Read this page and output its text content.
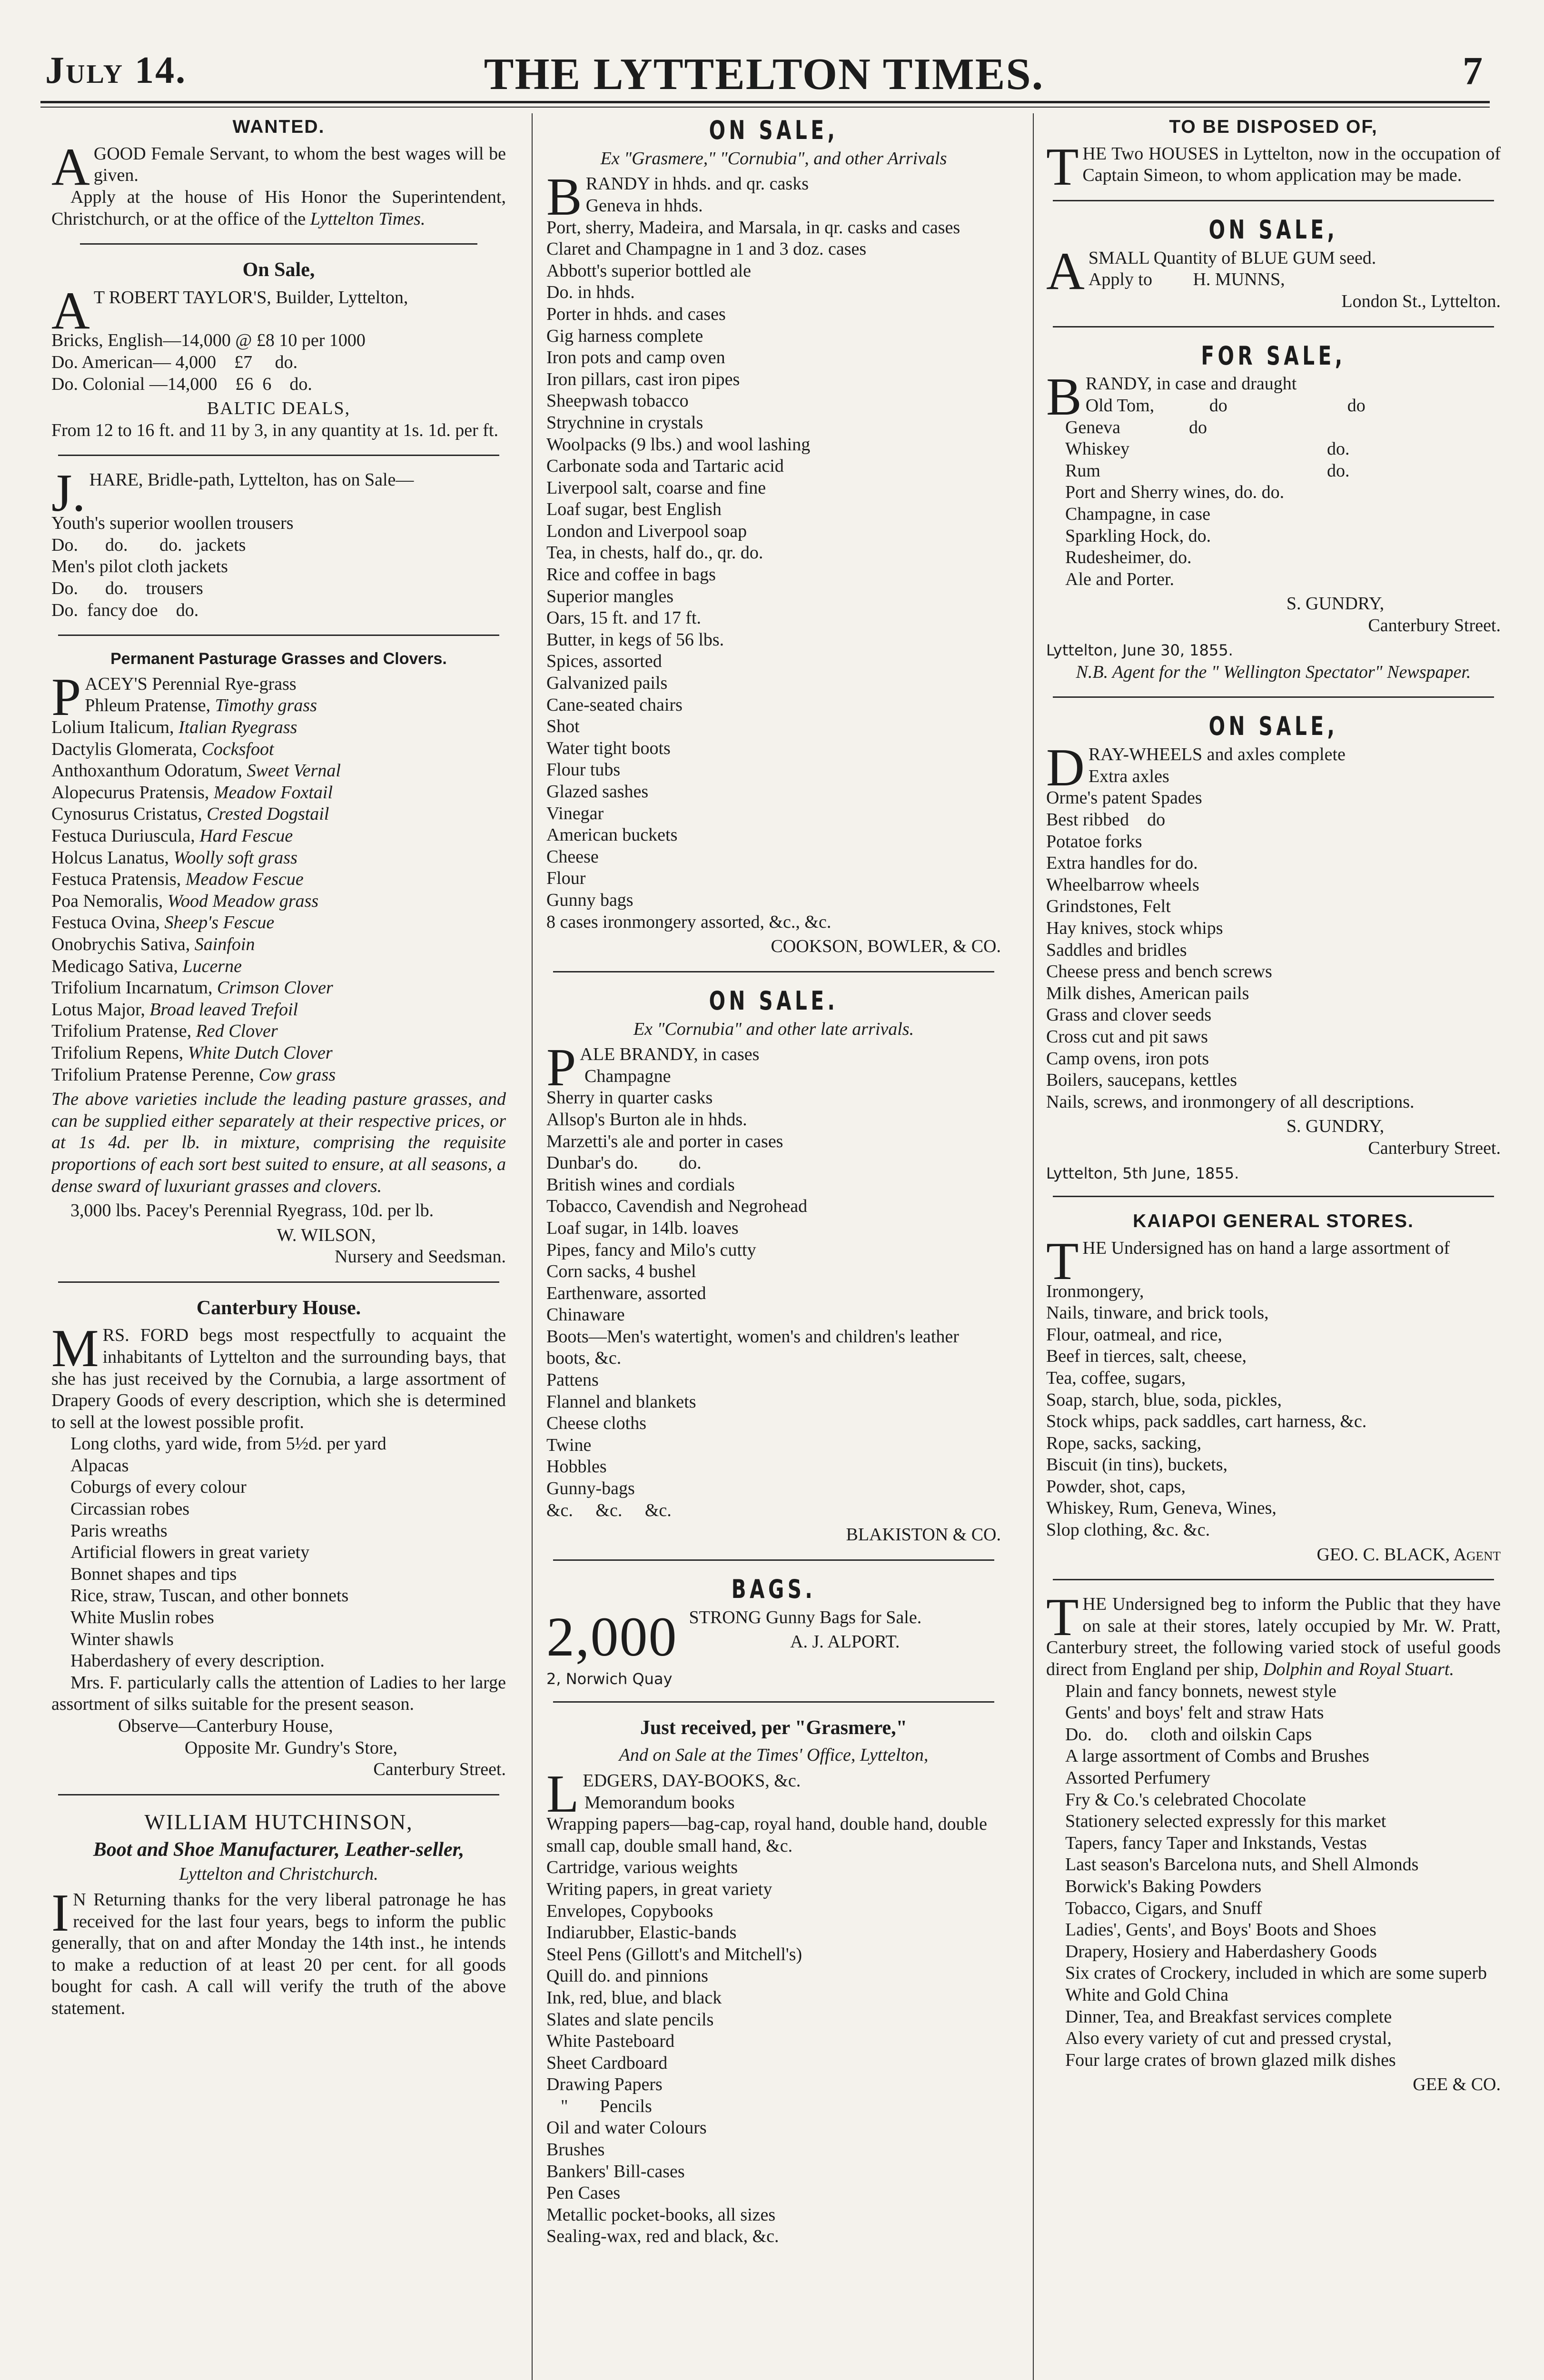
July 14.	THE LYTTELTON TIMES.	7
WANTED.

AGOOD Female Servant, to whom the best wages will be given.

Apply at the house of His Honor the Superintendent, Christchurch, or at the office of the Lyttelton Times.

On Sale,

A T ROBERT TAYLOR'S, Builder, Lyttelton,

Bricks, English—14,000 @ £8 10 per 1000

Do. American— 4,000    £7     do.

Do. Colonial —14,000    £6  6    do.

BALTIC DEALS,

From 12 to 16 ft. and 11 by 3, in any quantity at 1s. 1d. per ft.

J. HARE, Bridle-path, Lyttelton, has on Sale—

Youth's superior woollen trousers

Do.      do.       do.   jackets

Men's pilot cloth jackets

Do.      do.    trousers

Do.  fancy doe    do.

Permanent Pasturage Grasses and Clovers.

PACEY'S Perennial Rye-grass

Phleum Pratense, Timothy grass

Lolium Italicum, Italian Ryegrass

Dactylis Glomerata, Cocksfoot

Anthoxanthum Odoratum, Sweet Vernal

Alopecurus Pratensis, Meadow Foxtail

Cynosurus Cristatus, Crested Dogstail

Festuca Duriuscula, Hard Fescue

Holcus Lanatus, Woolly soft grass

Festuca Pratensis, Meadow Fescue

Poa Nemoralis, Wood Meadow grass

Festuca Ovina, Sheep's Fescue

Onobrychis Sativa, Sainfoin

Medicago Sativa, Lucerne

Trifolium Incarnatum, Crimson Clover

Lotus Major, Broad leaved Trefoil

Trifolium Pratense, Red Clover

Trifolium Repens, White Dutch Clover

Trifolium Pratense Perenne, Cow grass

The above varieties include the leading pasture grasses, and can be supplied either separately at their respective prices, or at 1s 4d. per lb. in mixture, comprising the requisite proportions of each sort best suited to ensure, at all seasons, a dense sward of luxuriant grasses and clovers.

3,000 lbs. Pacey's Perennial Ryegrass, 10d. per lb.

W. WILSON,

Nursery and Seedsman.

Canterbury House.

MRS. FORD begs most respectfully to acquaint the inhabitants of Lyttelton and the surrounding bays, that she has just received by the Cornubia, a large assortment of Drapery Goods of every description, which she is determined to sell at the lowest possible profit.

Long cloths, yard wide, from 5½d. per yard

Alpacas

Coburgs of every colour

Circassian robes

Paris wreaths

Artificial flowers in great variety

Bonnet shapes and tips

Rice, straw, Tuscan, and other bonnets

White Muslin robes

Winter shawls

Haberdashery of every description.

Mrs. F. particularly calls the attention of Ladies to her large assortment of silks suitable for the present season.

Observe—Canterbury House,

Opposite Mr. Gundry's Store,

Canterbury Street.

WILLIAM HUTCHINSON,
Boot and Shoe Manufacturer, Leather-seller,
Lyttelton and Christchurch.

I N Returning thanks for the very liberal patronage he has received for the last four years, begs to inform the public generally, that on and after Monday the 14th inst., he intends to make a reduction of at least 20 per cent. for all goods bought for cash. A call will verify the truth of the above statement.

ON SALE,
Ex "Grasmere," "Cornubia", and other Arrivals

BRANDY in hhds. and qr. casks

Geneva in hhds.

Port, sherry, Madeira, and Marsala, in qr. casks and cases

Claret and Champagne in 1 and 3 doz. cases

Abbott's superior bottled ale

Do. in hhds.

Porter in hhds. and cases

Gig harness complete

Iron pots and camp oven

Iron pillars, cast iron pipes

Sheepwash tobacco

Strychnine in crystals

Woolpacks (9 lbs.) and wool lashing

Carbonate soda and Tartaric acid

Liverpool salt, coarse and fine

Loaf sugar, best English

London and Liverpool soap

Tea, in chests, half do., qr. do.

Rice and coffee in bags

Superior mangles

Oars, 15 ft. and 17 ft.

Butter, in kegs of 56 lbs.

Spices, assorted

Galvanized pails

Cane-seated chairs

Shot

Water tight boots

Flour tubs

Glazed sashes

Vinegar

American buckets

Cheese

Flour

Gunny bags

8 cases ironmongery assorted, &c., &c.

COOKSON, BOWLER, & CO.

ON SALE.
Ex "Cornubia" and other late arrivals.

PALE BRANDY, in cases

Champagne

Sherry in quarter casks

Allsop's Burton ale in hhds.

Marzetti's ale and porter in cases

Dunbar's do.         do.

British wines and cordials

Tobacco, Cavendish and Negrohead

Loaf sugar, in 14lb. loaves

Pipes, fancy and Milo's cutty

Corn sacks, 4 bushel

Earthenware, assorted

Chinaware

Boots—Men's watertight, women's and children's leather boots, &c.

Pattens

Flannel and blankets

Cheese cloths

Twine

Hobbles

Gunny-bags

&c.     &c.     &c.

BLAKISTON & CO.

BAGS.

2,000 STRONG Gunny Bags for Sale.

A. J. ALPORT.

2, Norwich Quay

Just received, per "Grasmere,"
And on Sale at the Times' Office, Lyttelton,

LEDGERS, DAY-BOOKS, &c.

Memorandum books

Wrapping papers—bag-cap, royal hand, double hand, double small cap, double small hand, &c.

Cartridge, various weights

Writing papers, in great variety

Envelopes, Copybooks

Indiarubber, Elastic-bands

Steel Pens (Gillott's and Mitchell's)

Quill do. and pinnions

Ink, red, blue, and black

Slates and slate pencils

White Pasteboard

Sheet Cardboard

Drawing Papers

"       Pencils

Oil and water Colours

Brushes

Bankers' Bill-cases

Pen Cases

Metallic pocket-books, all sizes

Sealing-wax, red and black, &c.

TO BE DISPOSED OF,

THE Two HOUSES in Lyttelton, now in the occupation of Captain Simeon, to whom application may be made.

ON SALE,

ASMALL Quantity of BLUE GUM seed.

Apply to         H. MUNNS,

London St., Lyttelton.

FOR SALE,

BRANDY, in case and draught

Old Tom,	do	do

Geneva	do

Whiskey	do.

Rum	do.

Port and Sherry wines, do. do.

Champagne, in case

Sparkling Hock, do.

Rudesheimer, do.

Ale and Porter.

S. GUNDRY,

Canterbury Street.

Lyttelton, June 30, 1855.

N.B. Agent for the " Wellington Spectator" Newspaper.

ON SALE,

DRAY-WHEELS and axles complete

Extra axles

Orme's patent Spades

Best ribbed    do

Potatoe forks

Extra handles for do.

Wheelbarrow wheels

Grindstones, Felt

Hay knives, stock whips

Saddles and bridles

Cheese press and bench screws

Milk dishes, American pails

Grass and clover seeds

Cross cut and pit saws

Camp ovens, iron pots

Boilers, saucepans, kettles

Nails, screws, and ironmongery of all descriptions.

S. GUNDRY,

Canterbury Street.

Lyttelton, 5th June, 1855.

KAIAPOI GENERAL STORES.

THE Undersigned has on hand a large assortment of

Ironmongery,

Nails, tinware, and brick tools,

Flour, oatmeal, and rice,

Beef in tierces, salt, cheese,

Tea, coffee, sugars,

Soap, starch, blue, soda, pickles,

Stock whips, pack saddles, cart harness, &c.

Rope, sacks, sacking,

Biscuit (in tins), buckets,

Powder, shot, caps,

Whiskey, Rum, Geneva, Wines,

Slop clothing, &c. &c.

GEO. C. BLACK, Agent

THE Undersigned beg to inform the Public that they have on sale at their stores, lately occupied by Mr. W. Pratt, Canterbury street, the following varied stock of useful goods direct from England per ship, Dolphin and Royal Stuart.

Plain and fancy bonnets, newest style

Gents' and boys' felt and straw Hats

Do.   do.     cloth and oilskin Caps

A large assortment of Combs and Brushes

Assorted Perfumery

Fry & Co.'s celebrated Chocolate

Stationery selected expressly for this market

Tapers, fancy Taper and Inkstands, Vestas

Last season's Barcelona nuts, and Shell Almonds

Borwick's Baking Powders

Tobacco, Cigars, and Snuff

Ladies', Gents', and Boys' Boots and Shoes

Drapery, Hosiery and Haberdashery Goods

Six crates of Crockery, included in which are some superb White and Gold China

Dinner, Tea, and Breakfast services complete

Also every variety of cut and pressed crystal,

Four large crates of brown glazed milk dishes

GEE & CO.
